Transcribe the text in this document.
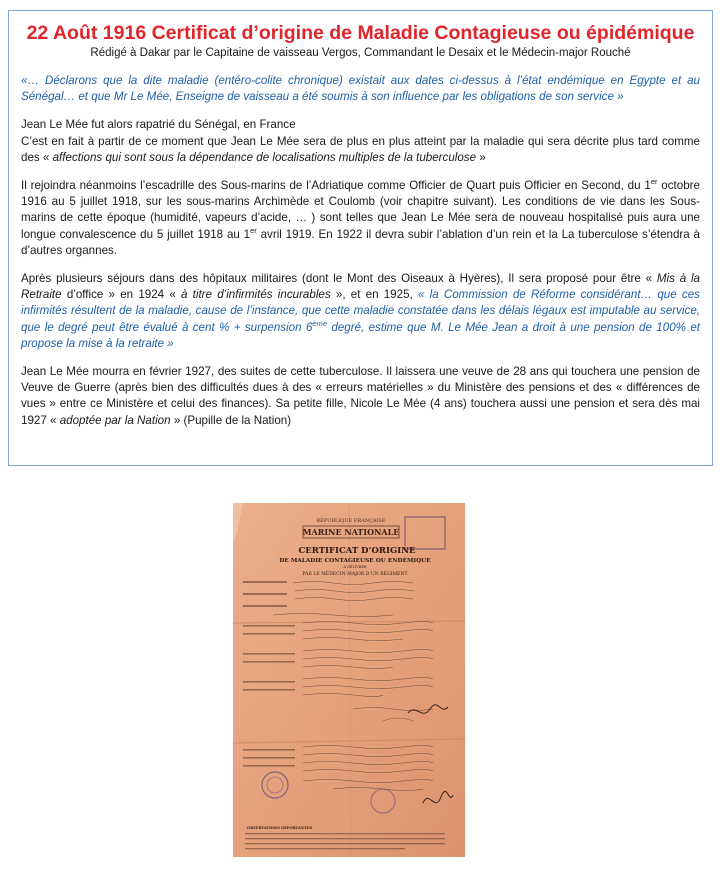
22 Août 1916 Certificat d’origine de Maladie Contagieuse ou épidémique
Rédigé à Dakar par le Capitaine de vaisseau Vergos, Commandant le Desaix et le Médecin-major Rouché

«… Déclarons que la dite maladie (entéro-colite chronique) existait aux dates ci-dessus à l’état endémique en Egypte et au Sénégal… et que Mr Le Mée, Enseigne de vaisseau a été soumis à son influence par les obligations de son service »

Jean Le Mée fut alors rapatrié du Sénégal, en France
C’est en fait à partir de ce moment que Jean Le Mée sera de plus en plus atteint par la maladie qui sera décrite plus tard comme des « affections qui sont sous la dépendance de localisations multiples de la tuberculose »

Il rejoindra néanmoins l’escadrille des Sous-marins de l’Adriatique comme Officier de Quart puis Officier en Second, du 1er octobre 1916 au 5 juillet 1918, sur les sous-marins Archimède et Coulomb (voir chapitre suivant). Les conditions de vie dans les Sous-marins de cette époque (humidité, vapeurs d’acide, … ) sont telles que Jean Le Mée sera de nouveau hospitalisé puis aura une longue convalescence du 5 juillet 1918 au 1er avril 1919. En 1922 il devra subir l’ablation d’un rein et la La tuberculose s’étendra à d’autres organnes.

Après plusieurs séjours dans des hôpitaux militaires (dont le Mont des Oiseaux à Hyères), Il sera proposé pour être « Mis à la Retraite d’office » en 1924 « à titre d’infirmités incurables », et en 1925, « la Commission de Réforme considérant… que ces infirmités résultent de la maladie, cause de l’instance, que cette maladie constatée dans les délais légaux est imputable au service, que le degré peut être évalué à cent % + surpension 6ème degré, estime que M. Le Mée Jean a droit à une pension de 100% et propose la mise à la retraite »

Jean Le Mée mourra en février 1927, des suites de cette tuberculose. Il laissera une veuve de 28 ans qui touchera une pension de Veuve de Guerre (après bien des difficultés dues à des « erreurs matérielles » du Ministère des pensions et des « différences de vues » entre ce Ministère et celui des finances). Sa petite fille, Nicole Le Mée (4 ans) touchera aussi une pension et sera dès mai 1927 « adoptée par la Nation » (Pupille de la Nation)

RÉPUBLIQUE FRANÇAISE
MARINE NATIONALE
CERTIFICAT D’ORIGINE
DE MALADIE CONTAGIEUSE OU ENDÉMIQUE
A DÉLIVRER
PAR LE MÉDECIN-MAJOR D’UN RÉGIMENT
OBSERVATIONS IMPORTANTES
